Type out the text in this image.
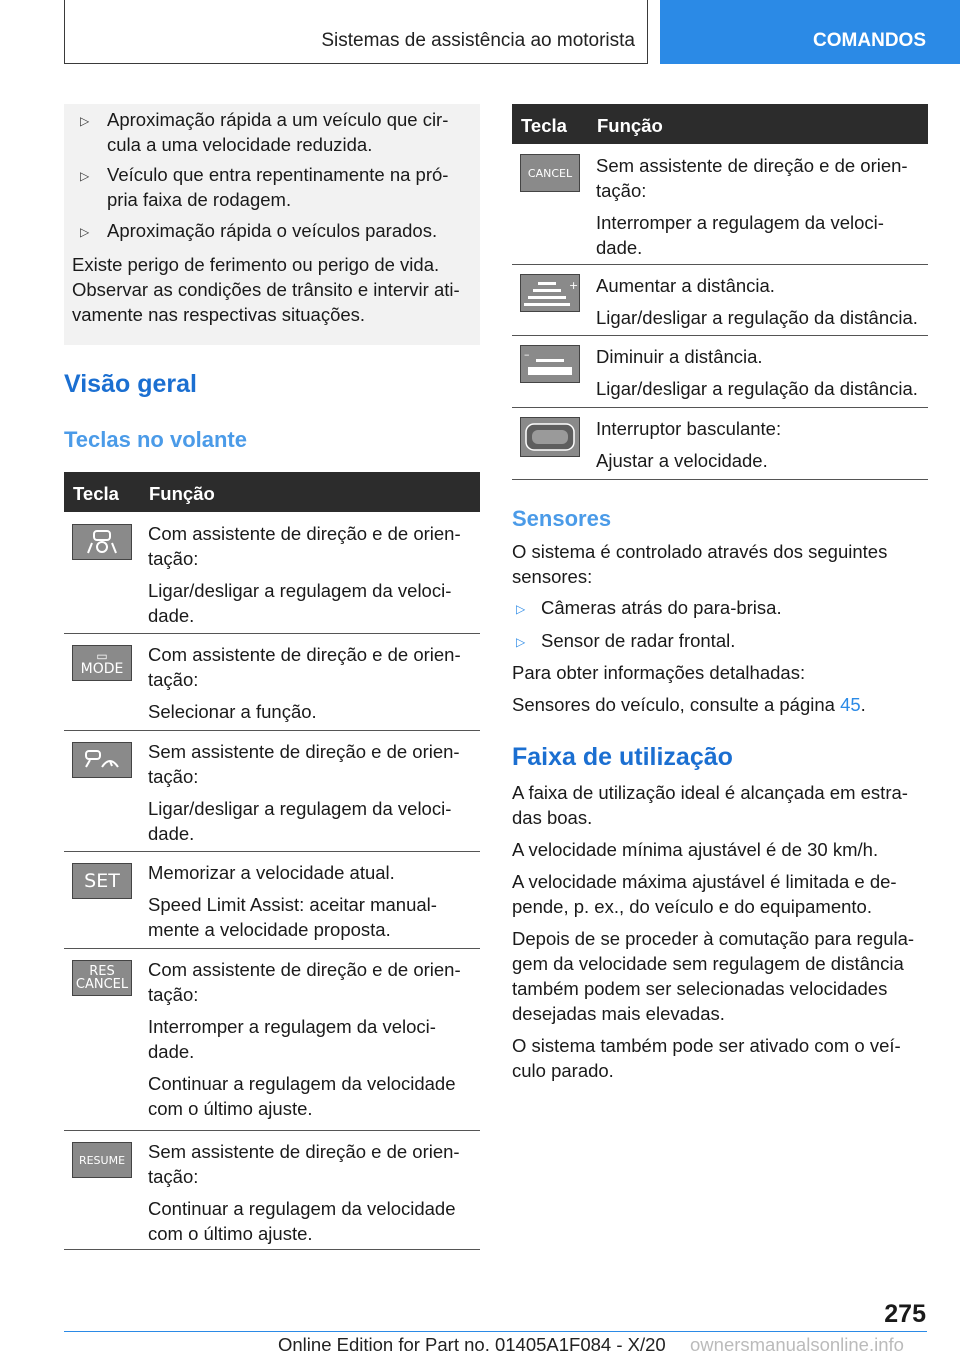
Sistemas de assistência ao motorista	COMANDOS
▷ Aproximação rápida a um veículo que cir-
cula a uma velocidade reduzida.
▷ Veículo que entra repentinamente na pró-
pria faixa de rodagem.
▷ Aproximação rápida o veículos parados.
Existe perigo de ferimento ou perigo de vida.
Observar as condições de trânsito e intervir ati-
vamente nas respectivas situações.
Visão geral
Teclas no volante
Tecla Função

Com assistente de direção e de orien-
tação:

Ligar/desligar a regulagem da veloci-
dade.

▭
MODE

Com assistente de direção e de orien-
tação:

Selecionar a função.

Sem assistente de direção e de orien-
tação:

Ligar/desligar a regulagem da veloci-
dade.

SET Memorizar a velocidade atual.

Speed Limit Assist: aceitar manual-
mente a velocidade proposta.

RES CANCEL

Com assistente de direção e de orien-
tação:

Interromper a regulagem da veloci-
dade.

Continuar a regulagem da velocidade
com o último ajuste.

RESUME Sem assistente de direção e de orien-
tação:

Continuar a regulagem da velocidade
com o último ajuste.

Tecla Função
CANCEL Sem assistente de direção e de orien-
tação:

Interromper a regulagem da veloci-
dade.

+ Aumentar a distância.

Ligar/desligar a regulação da distância.

–	Diminuir a distância.

Ligar/desligar a regulação da distância.

Interruptor basculante:

Ajustar a velocidade.

Sensores
O sistema é controlado através dos seguintes
sensores:
▷ Câmeras atrás do para-brisa.
▷ Sensor de radar frontal.
Para obter informações detalhadas:
Sensores do veículo, consulte a página 45.
Faixa de utilização

A faixa de utilização ideal é alcançada em estra-
das boas.

A velocidade mínima ajustável é de 30 km/h.

A velocidade máxima ajustável é limitada e de-
pende, p. ex., do veículo e do equipamento.

Depois de se proceder à comutação para regula-
gem da velocidade sem regulagem de distância
também podem ser selecionadas velocidades
desejadas mais elevadas.

O sistema também pode ser ativado com o veí-
culo parado.

275
Online Edition for Part no. 01405A1F084 - X/20 ownersmanualsonline.info
